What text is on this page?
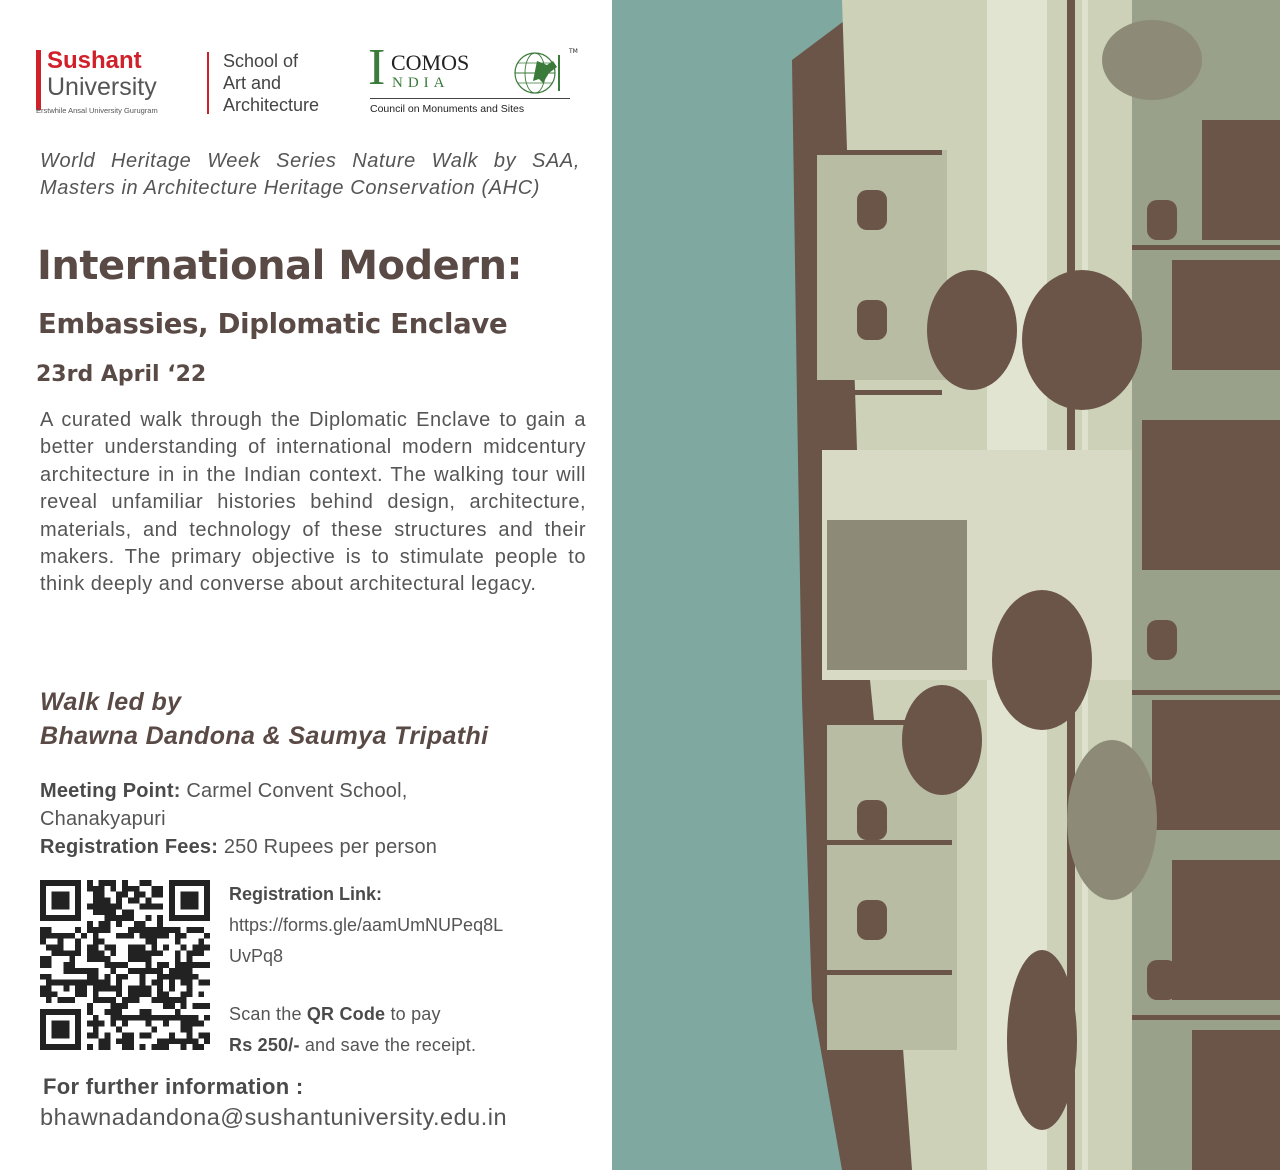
Sushant
University
Erstwhile Ansal University Gurugram
School of
Art and
Architecture
I COMOS
NDIA
TM
Council on Monuments and Sites
World Heritage Week Series Nature Walk by SAA, Masters in Architecture Heritage Conservation (AHC)
International Modern:
Embassies, Diplomatic Enclave
23rd April ‘22
A curated walk through the Diplomatic Enclave to gain a better understanding of international modern midcentury architecture in in the Indian context. The walking tour will reveal unfamiliar histories behind design, architecture, materials, and technology of these structures and their makers. The primary objective is to stimulate people to think deeply and converse about architectural legacy.
Walk led by
Bhawna Dandona & Saumya Tripathi
Meeting Point: Carmel Convent School,
Chanakyapuri
Registration Fees: 250 Rupees per person
Registration Link:
https://forms.gle/aamUmNUPeq8L
UvPq8
Scan the QR Code to pay
Rs 250/- and save the receipt.
For further information :
bhawnadandona@sushantuniversity.edu.in
